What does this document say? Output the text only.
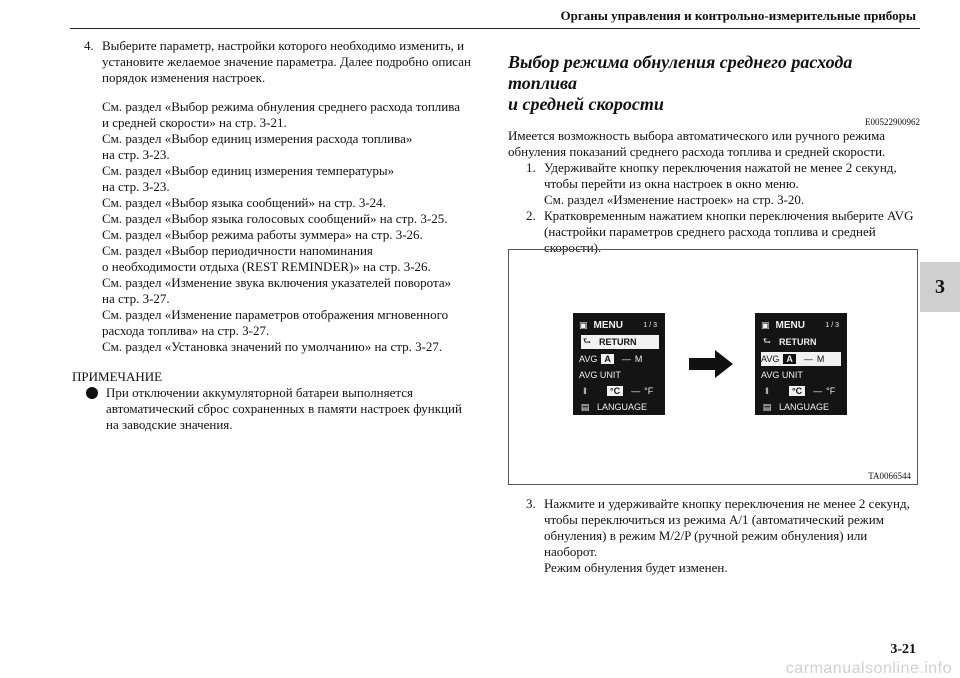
Органы управления и контрольно-измерительные приборы
3
4. Выберите параметр, настройки которого необходимо изменить, и установите желаемое значение параметра. Далее подробно описан порядок изменения настроек.
См. раздел «Выбор режима обнуления среднего расхода топлива
и средней скорости» на стр. 3-21.
См. раздел «Выбор единиц измерения расхода топлива»
на стр. 3-23.
См. раздел «Выбор единиц измерения температуры»
на стр. 3-23.
См. раздел «Выбор языка сообщений» на стр. 3-24.
См. раздел «Выбор языка голосовых сообщений» на стр. 3-25.
См. раздел «Выбор режима работы зуммера» на стр. 3-26.
См. раздел «Выбор периодичности напоминания
о необходимости отдыха (REST REMINDER)» на стр. 3-26.
См. раздел «Изменение звука включения указателей поворота»
на стр. 3-27.
См. раздел «Изменение параметров отображения мгновенного
расхода топлива» на стр. 3-27.
См. раздел «Установка значений по умолчанию» на стр. 3-27.
ПРИМЕЧАНИЕ
При отключении аккумуляторной батареи выполняется автоматический сброс сохраненных в памяти настроек функций на заводские значения.
Выбор режима обнуления среднего расхода топлива
и средней скорости
E00522900962
Имеется возможность выбора автоматического или ручного режима обнуления показаний среднего расхода топлива и средней скорости.
1. Удерживайте кнопку переключения нажатой не менее 2 секунд, чтобы перейти из окна настроек в окно меню.
См. раздел «Изменение настроек» на стр. 3-20.
2. Кратковременным нажатием кнопки переключения выберите AVG (настройки параметров среднего расхода топлива и средней скорости).
▣ MENU	1 / 3
⮑ RETURN
AVG A	— M
AVG UNIT
‖	°C	— °F
▤ LANGUAGE
▣ MENU	1 / 3
⮑ RETURN
AVG A	— M
AVG UNIT
‖	°C	— °F
▤ LANGUAGE
TA0066544
3. Нажмите и удерживайте кнопку переключения не менее 2 секунд, чтобы переключиться из режима A/1 (автоматический режим обнуления) в режим M/2/P (ручной режим обнуления) или наоборот.
Режим обнуления будет изменен.
3-21
carmanualsonline.info
